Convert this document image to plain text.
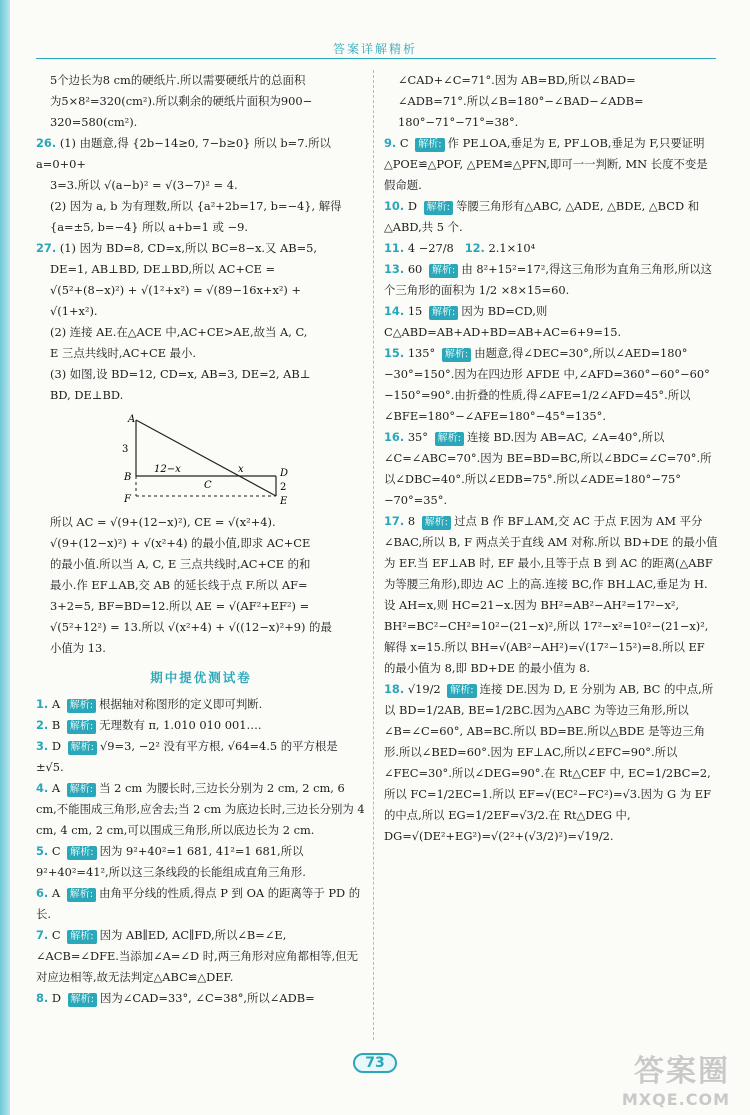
答案详解精析

5个边长为8 cm的硬纸片.所以需要硬纸片的总面积

为5×8²=320(cm²).所以剩余的硬纸片面积为900−

320=580(cm²).

26. (1) 由题意,得 {2b−14≥0, 7−b≥0} 所以 b=7.所以 a=0+0+

3=3.所以 √(a−b)² = √(3−7)² = 4.

(2) 因为 a, b 为有理数,所以 {a²+2b=17, b=−4}, 解得

{a=±5, b=−4} 所以 a+b=1 或 −9.

27. (1) 因为 BD=8, CD=x,所以 BC=8−x.又 AB=5,

DE=1, AB⊥BD, DE⊥BD,所以 AC+CE =

√(5²+(8−x)²) + √(1²+x²) = √(89−16x+x²) +

√(1+x²).

(2) 连接 AE.在△ACE 中,AC+CE>AE,故当 A, C,

E 三点共线时,AC+CE 最小.

(3) 如图,设 BD=12, CD=x, AB=3, DE=2, AB⊥

BD, DE⊥BD.

A
3
B
12−x
C
x	D
2
F	E

所以 AC = √(9+(12−x)²), CE = √(x²+4).

√(9+(12−x)²) + √(x²+4) 的最小值,即求 AC+CE

的最小值.所以当 A, C, E 三点共线时,AC+CE 的和

最小.作 EF⊥AB,交 AB 的延长线于点 F.所以 AF=

3+2=5, BF=BD=12.所以 AE = √(AF²+EF²) =

√(5²+12²) = 13.所以 √(x²+4) + √((12−x)²+9) 的最

小值为 13.

期中提优测试卷

1. A 解析: 根据轴对称图形的定义即可判断.

2. B 解析: 无理数有 π, 1.010 010 001….

3. D 解析: √9=3, −2² 没有平方根, √64=4.5 的平方根是 ±√5.

4. A 解析: 当 2 cm 为腰长时,三边长分别为 2 cm, 2 cm, 6 cm,不能围成三角形,应舍去;当 2 cm 为底边长时,三边长分别为 4 cm, 4 cm, 2 cm,可以围成三角形,所以底边长为 2 cm.

5. C 解析: 因为 9²+40²=1 681, 41²=1 681,所以 9²+40²=41²,所以这三条线段的长能组成直角三角形.

6. A 解析: 由角平分线的性质,得点 P 到 OA 的距离等于 PD 的长.

7. C 解析: 因为 AB∥ED, AC∥FD,所以∠B=∠E, ∠ACB=∠DFE.当添加∠A=∠D 时,两三角形对应角都相等,但无对应边相等,故无法判定△ABC≌△DEF.

8. D 解析: 因为∠CAD=33°, ∠C=38°,所以∠ADB=

∠CAD+∠C=71°.因为 AB=BD,所以∠BAD=

∠ADB=71°.所以∠B=180°−∠BAD−∠ADB=

180°−71°−71°=38°.

9. C 解析: 作 PE⊥OA,垂足为 E, PF⊥OB,垂足为 F,只要证明△POE≌△POF, △PEM≌△PFN,即可一一判断, MN 长度不变是假命题.

10. D 解析: 等腰三角形有△ABC, △ADE, △BDE, △BCD 和△ABD,共 5 个.

11. 4 −27/8 12. 2.1×10⁴

13. 60 解析: 由 8²+15²=17²,得这三角形为直角三角形,所以这个三角形的面积为 1/2 ×8×15=60.

14. 15 解析: 因为 BD=CD,则 C△ABD=AB+AD+BD=AB+AC=6+9=15.

15. 135° 解析: 由题意,得∠DEC=30°,所以∠AED=180°−30°=150°.因为在四边形 AFDE 中,∠AFD=360°−60°−60°−150°=90°.由折叠的性质,得∠AFE=1/2∠AFD=45°.所以∠BFE=180°−∠AFE=180°−45°=135°.

16. 35° 解析: 连接 BD.因为 AB=AC, ∠A=40°,所以∠C=∠ABC=70°.因为 BE=BD=BC,所以∠BDC=∠C=70°.所以∠DBC=40°.所以∠EDB=75°.所以∠ADE=180°−75°−70°=35°.

17. 8 解析: 过点 B 作 BF⊥AM,交 AC 于点 F.因为 AM 平分∠BAC,所以 B, F 两点关于直线 AM 对称.所以 BD+DE 的最小值为 EF.当 EF⊥AB 时, EF 最小,且等于点 B 到 AC 的距离(△ABF 为等腰三角形),即边 AC 上的高.连接 BC,作 BH⊥AC,垂足为 H.设 AH=x,则 HC=21−x.因为 BH²=AB²−AH²=17²−x², BH²=BC²−CH²=10²−(21−x)²,所以 17²−x²=10²−(21−x)²,解得 x=15.所以 BH=√(AB²−AH²)=√(17²−15²)=8.所以 EF 的最小值为 8,即 BD+DE 的最小值为 8.

18. √19/2 解析: 连接 DE.因为 D, E 分别为 AB, BC 的中点,所以 BD=1/2AB, BE=1/2BC.因为△ABC 为等边三角形,所以∠B=∠C=60°, AB=BC.所以 BD=BE.所以△BDE 是等边三角形.所以∠BED=60°.因为 EF⊥AC,所以∠EFC=90°.所以∠FEC=30°.所以∠DEG=90°.在 Rt△CEF 中, EC=1/2BC=2,所以 FC=1/2EC=1.所以 EF=√(EC²−FC²)=√3.因为 G 为 EF 的中点,所以 EG=1/2EF=√3/2.在 Rt△DEG 中, DG=√(DE²+EG²)=√(2²+(√3/2)²)=√19/2.

73	答案圈
MXQE.COM
